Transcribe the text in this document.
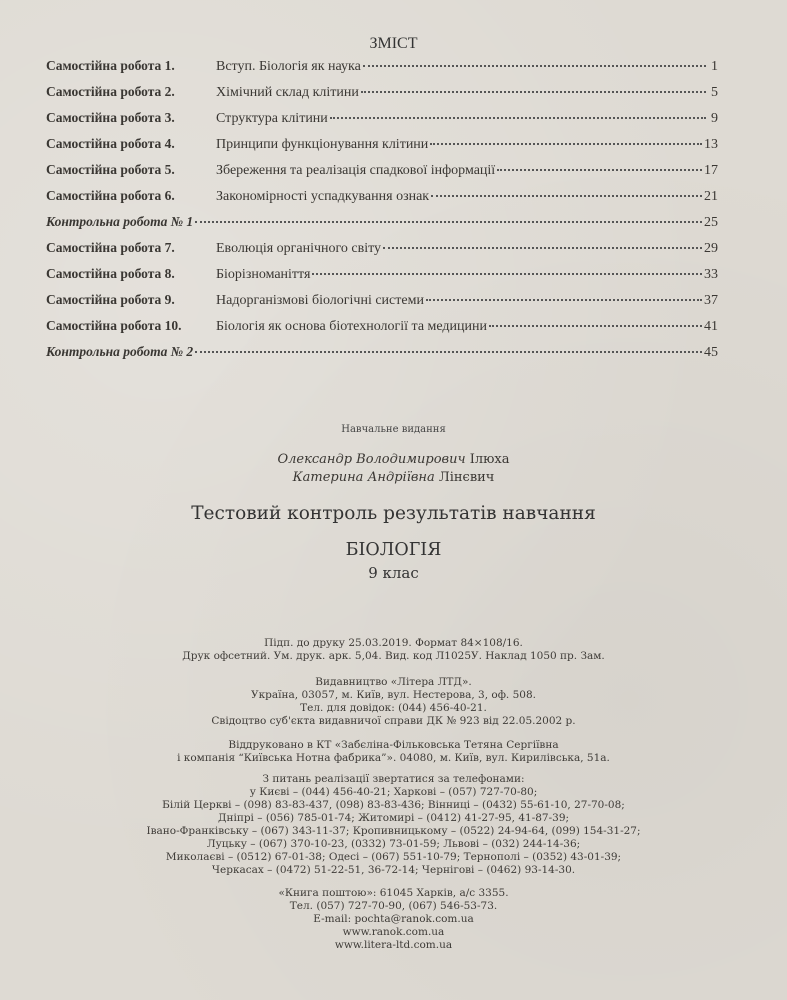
ЗМІСТ
Самостійна робота 1.	Вступ. Біологія як наука	1
Самостійна робота 2.	Хімічний склад клітини	5
Самостійна робота 3.	Структура клітини	9
Самостійна робота 4.	Принципи функціонування клітини	13
Самостійна робота 5.	Збереження та реалізація спадкової інформації	17
Самостійна робота 6.	Закономірності успадкування ознак	21
Контрольна робота № 1	25
Самостійна робота 7.	Еволюція органічного світу	29
Самостійна робота 8.	Біорізноманіття	33
Самостійна робота 9.	Надорганізмові біологічні системи	37
Самостійна робота 10.	Біологія як основа біотехнології та медицини	41
Контрольна робота № 2	45
Навчальне видання
Олександр Володимирович Ілюха
Катерина Андріївна Лінєвич
Тестовий контроль результатів навчання
БІОЛОГІЯ
9 клас
Підп. до друку 25.03.2019. Формат 84×108/16.
Друк офсетний. Ум. друк. арк. 5,04. Вид. код Л1025У. Наклад 1050 пр. Зам.
Видавництво «Літера ЛТД».
Україна, 03057, м. Київ, вул. Нестерова, 3, оф. 508.
Тел. для довідок: (044) 456-40-21.
Свідоцтво суб'єкта видавничої справи ДК № 923 від 22.05.2002 р.
Віддруковано в КТ «Забєліна-Фільковська Тетяна Сергіївна
і компанія “Київська Нотна фабрика”». 04080, м. Київ, вул. Кирилівська, 51а.
З питань реалізації звертатися за телефонами:
у Києві – (044) 456-40-21; Харкові – (057) 727-70-80;
Білій Церкві – (098) 83-83-437, (098) 83-83-436; Вінниці – (0432) 55-61-10, 27-70-08;
Дніпрі – (056) 785-01-74; Житомирі – (0412) 41-27-95, 41-87-39;
Івано-Франківську – (067) 343-11-37; Кропивницькому – (0522) 24-94-64, (099) 154-31-27;
Луцьку – (067) 370-10-23, (0332) 73-01-59; Львові – (032) 244-14-36;
Миколаєві – (0512) 67-01-38; Одесі – (067) 551-10-79; Тернополі – (0352) 43-01-39;
Черкасах – (0472) 51-22-51, 36-72-14; Чернігові – (0462) 93-14-30.
«Книга поштою»: 61045 Харків, а/с 3355.
Тел. (057) 727-70-90, (067) 546-53-73.
E-mail: pochta@ranok.com.ua
www.ranok.com.ua
www.litera-ltd.com.ua
